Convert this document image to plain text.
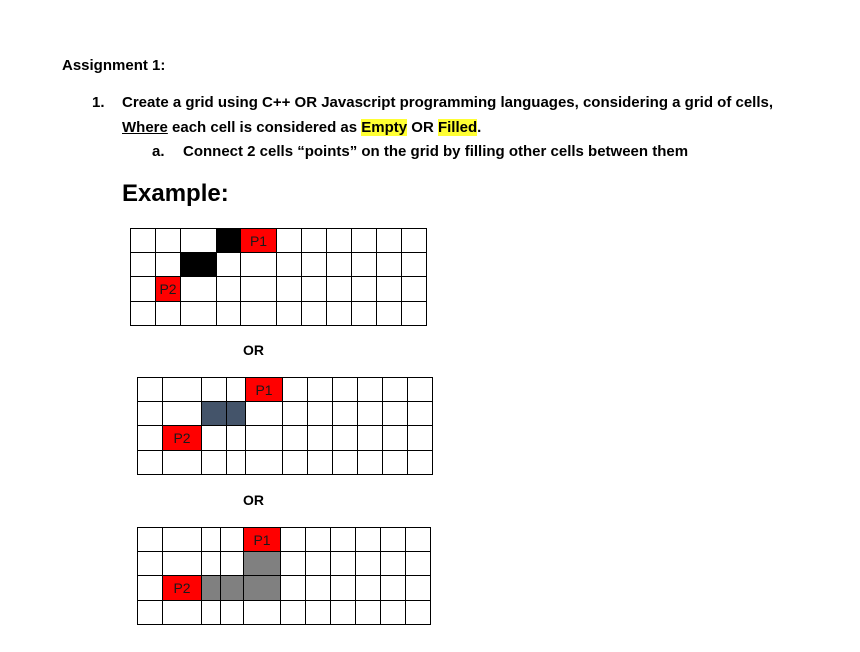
Assignment 1:
1. Create a grid using C++ OR Javascript programming languages, considering a grid of cells,
Where each cell is considered as Empty OR Filled.
a. Connect 2 cells “points” on the grid by filling other cells between them
Example:
P1
P2
OR
P1
P2
OR
P1
P2
